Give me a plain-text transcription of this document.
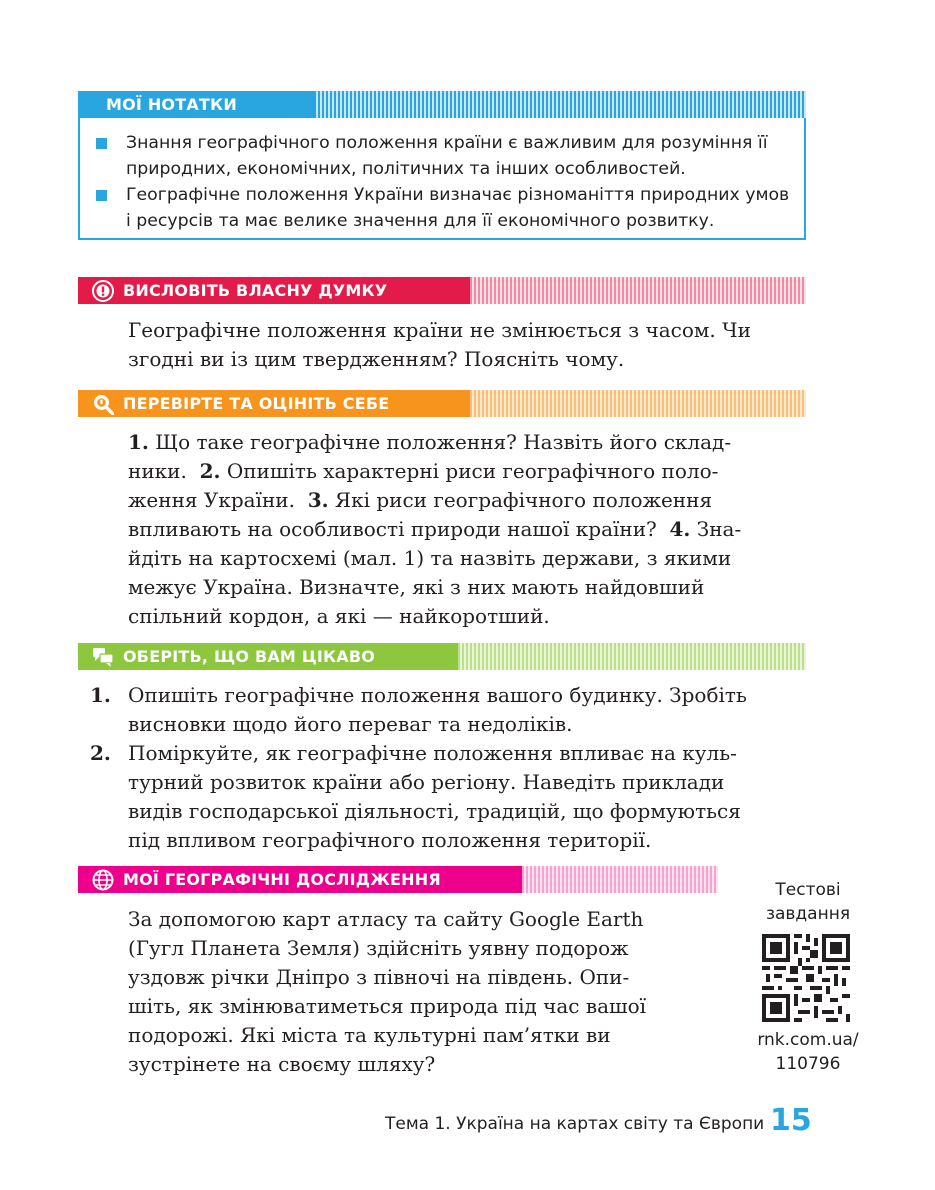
МОЇ НОТАТКИ
Знання географічного положення країни є важливим для розуміння її
природних, економічних, політичних та інших особливостей.
Географічне положення України визначає різноманіття природних умов
і ресурсів та має велике значення для її економічного розвитку.
ВИСЛОВІТЬ ВЛАСНУ ДУМКУ
Географічне положення країни не змінюється з часом. Чи
згодні ви із цим твердженням? Поясніть чому.
ПЕРЕВІРТЕ ТА ОЦІНІТЬ СЕБЕ
1. Що таке географічне положення? Назвіть його склад-
ники.  2. Опишіть характерні риси географічного поло-
ження України.  3. Які риси географічного положення
впливають на особливості природи нашої країни?  4. Зна-
йдіть на картосхемі (мал. 1) та назвіть держави, з якими
межує Україна. Визначте, які з них мають найдовший
спільний кордон, а які — найкоротший.
ОБЕРІТЬ, ЩО ВАМ ЦІКАВО
1. Опишіть географічне положення вашого будинку. Зробіть
висновки щодо його переваг та недоліків.
2. Поміркуйте, як географічне положення впливає на куль-
турний розвиток країни або регіону. Наведіть приклади
видів господарської діяльності, традицій, що формуються
під впливом географічного положення території.
МОЇ ГЕОГРАФІЧНІ ДОСЛІДЖЕННЯ
За допомогою карт атласу та сайту Google Earth
(Гугл Планета Земля) здійсніть уявну подорож
уздовж річки Дніпро з півночі на південь. Опи-
шіть, як змінюватиметься природа під час вашої
подорожі. Які міста та культурні пам’ятки ви
зустрінете на своєму шляху?
Тестові
завдання
rnk.com.ua/
110796
Тема 1. Україна на картах світу та Європи 15
